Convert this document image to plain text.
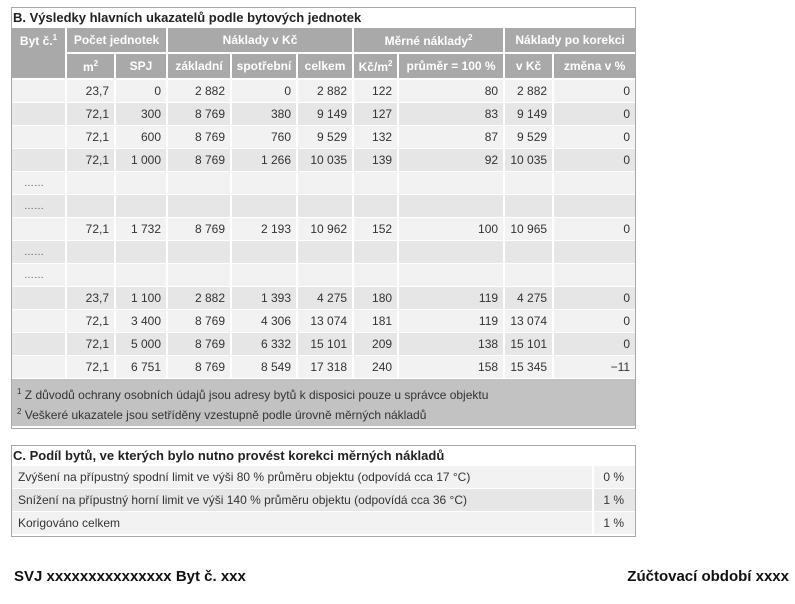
B. Výsledky hlavních ukazatelů podle bytových jednotek
Byt č.$^1$	Počet jednotek		Náklady v Kč			Měrné náklady$^2$		Náklady po korekci	
	$m^2$	SPJ	základní	spotřební	celkem	$Kč/m^2$	průměr = 100 %	v Kč	změna v %
	23,7	0	2 882	0	2 882	122	80	2 882	0
	72,1	300	8 769	380	9 149	127	83	9 149	0
	72,1	600	8 769	760	9 529	132	87	9 529	0
	72,1	1 000	8 769	1 266	10 035	139	92	10 035	0
……									
……									
	72,1	1 732	8 769	2 193	10 962	152	100	10 965	0
……									
……									
	23,7	1 100	2 882	1 393	4 275	180	119	4 275	0
	72,1	3 400	8 769	4 306	13 074	181	119	13 074	0
	72,1	5 000	8 769	6 332	15 101	209	138	15 101	0
	72,1	6 751	8 769	8 549	17 318	240	158	15 345	−11
$^1$ Z důvodů ochrany osobních údajů jsou adresy bytů k disposici pouze u správce objektu
$^2$ Veškeré ukazatele jsou setříděny vzestupně podle úrovně měrných nákladů
C. Podíl bytů, ve kterých bylo nutno provést korekci měrných nákladů
Zvýšení na přípustný spodní limit ve výši 80 % průměru objektu (odpovídá cca 17 °C)	0 %
Snížení na přípustný horní limit ve výši 140 % průměru objektu (odpovídá cca 36 °C)	1 %
Korigováno celkem	1 %
SVJ xxxxxxxxxxxxxxx Byt č. xxx	Zúčtovací období xxxx
